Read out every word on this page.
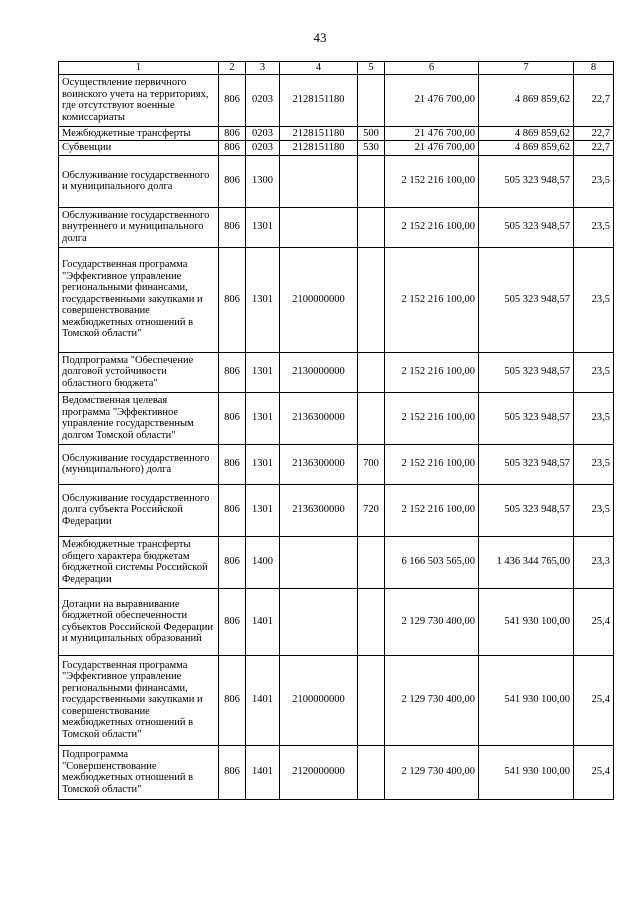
43
1	2	3	4	5	6	7	8
Осуществление первичного воинского учета на территориях, где отсутствуют военные комиссариаты	806	0203	2128151180		21 476 700,00	4 869 859,62	22,7
Межбюджетные трансферты	806	0203	2128151180	500	21 476 700,00	4 869 859,62	22,7
Субвенции	806	0203	2128151180	530	21 476 700,00	4 869 859,62	22,7
Обслуживание государственного и муниципального долга	806	1300			2 152 216 100,00	505 323 948,57	23,5
Обслуживание государственного внутреннего и муниципального долга	806	1301			2 152 216 100,00	505 323 948,57	23,5
Государственная программа "Эффективное управление региональными финансами, государственными закупками и совершенствование межбюджетных отношений в Томской области"	806	1301	2100000000		2 152 216 100,00	505 323 948,57	23,5
Подпрограмма "Обеспечение долговой устойчивости областного бюджета"	806	1301	2130000000		2 152 216 100,00	505 323 948,57	23,5
Ведомственная целевая программа "Эффективное управление государственным долгом Томской области"	806	1301	2136300000		2 152 216 100,00	505 323 948,57	23,5
Обслуживание государственного (муниципального) долга	806	1301	2136300000	700	2 152 216 100,00	505 323 948,57	23,5
Обслуживание государственного долга субъекта Российской Федерации	806	1301	2136300000	720	2 152 216 100,00	505 323 948,57	23,5
Межбюджетные трансферты общего характера бюджетам бюджетной системы Российской Федерации	806	1400			6 166 503 565,00	1 436 344 765,00	23,3
Дотации на выравнивание бюджетной обеспеченности субъектов Российской Федерации и муниципальных образований	806	1401			2 129 730 400,00	541 930 100,00	25,4
Государственная программа "Эффективное управление региональными финансами, государственными закупками и совершенствование межбюджетных отношений в Томской области"	806	1401	2100000000		2 129 730 400,00	541 930 100,00	25,4
Подпрограмма "Совершенствование межбюджетных отношений в Томской области"	806	1401	2120000000		2 129 730 400,00	541 930 100,00	25,4
